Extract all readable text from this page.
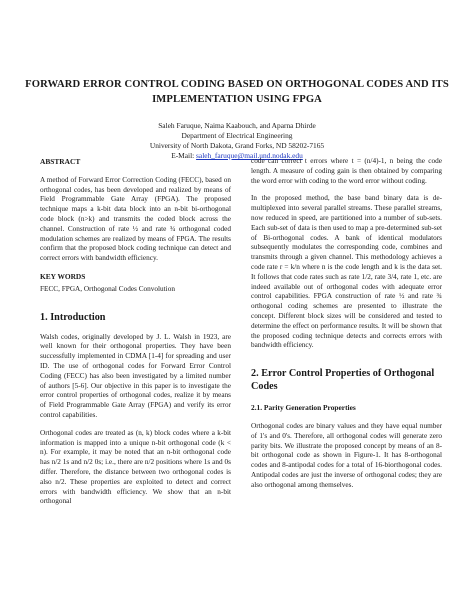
FORWARD ERROR CONTROL CODING BASED ON ORTHOGONAL CODES AND ITS IMPLEMENTATION USING FPGA
Saleh Faruque, Naima Kaabouch, and Aparna Dhirde
Department of Electrical Engineering
University of North Dakota, Grand Forks, ND 58202-7165
E-Mail: saleh_faruque@mail.und.nodak.edu
ABSTRACT

A method of Forward Error Correction Coding (FECC), based on orthogonal codes, has been developed and realized by means of Field Programmable Gate Array (FPGA). The proposed technique maps a k-bit data block into an n-bit bi-orthogonal code block (n>k) and transmits the coded block across the channel. Construction of rate ½ and rate ¾ orthogonal coded modulation schemes are realized by means of FPGA. The results confirm that the proposed block coding technique can detect and correct errors with bandwidth efficiency.

KEY WORDS
FECC, FPGA, Orthogonal Codes Convolution
1. Introduction

Walsh codes, originally developed by J. L. Walsh in 1923, are well known for their orthogonal properties. They have been successfully implemented in CDMA [1-4] for spreading and user ID. The use of orthogonal codes for Forward Error Control Coding (FECC) has also been investigated by a limited number of authors [5-6]. Our objective in this paper is to investigate the error control properties of orthogonal codes, realize it by means of Field Programmable Gate Array (FPGA) and verify its error control capabilities.

Orthogonal codes are treated as (n, k) block codes where a k-bit information is mapped into a unique n-bit orthogonal code (k < n). For example, it may be noted that an n-bit orthogonal code has n/2 1s and n/2 0s; i.e., there are n/2 positions where 1s and 0s differ. Therefore, the distance between two orthogonal codes is also n/2. These properties are exploited to detect and correct errors with bandwidth efficiency. We show that an n-bit orthogonal

code can correct t errors where t = (n/4)-1, n being the code length. A measure of coding gain is then obtained by comparing the word error with coding to the word error without coding.

In the proposed method, the base band binary data is de-multiplexed into several parallel streams. These parallel streams, now reduced in speed, are partitioned into a number of sub-sets. Each sub-set of data is then used to map a pre-determined sub-set of Bi-orthogonal codes. A bank of identical modulators subsequently modulates the corresponding code, combines and transmits through a given channel. This methodology achieves a code rate r = k/n where n is the code length and k is the data set. It follows that code rates such as rate 1/2, rate 3/4, rate 1, etc. are indeed available out of orthogonal codes with adequate error control capabilities. FPGA construction of rate ½ and rate ¾ orthogonal coding schemes are presented to illustrate the concept. Different block sizes will be considered and tested to determine the effect on performance results. It will be shown that the proposed coding technique detects and corrects errors with bandwidth efficiency.

2. Error Control Properties of Orthogonal Codes
2.1. Parity Generation Properties

Orthogonal codes are binary values and they have equal number of 1's and 0's. Therefore, all orthogonal codes will generate zero parity bits. We illustrate the proposed concept by means of an 8-bit orthogonal code as shown in Figure-1. It has 8-orthogonal codes and 8-antipodal codes for a total of 16-biorthogonal codes. Antipodal codes are just the inverse of orthogonal codes; they are also orthogonal among themselves.
